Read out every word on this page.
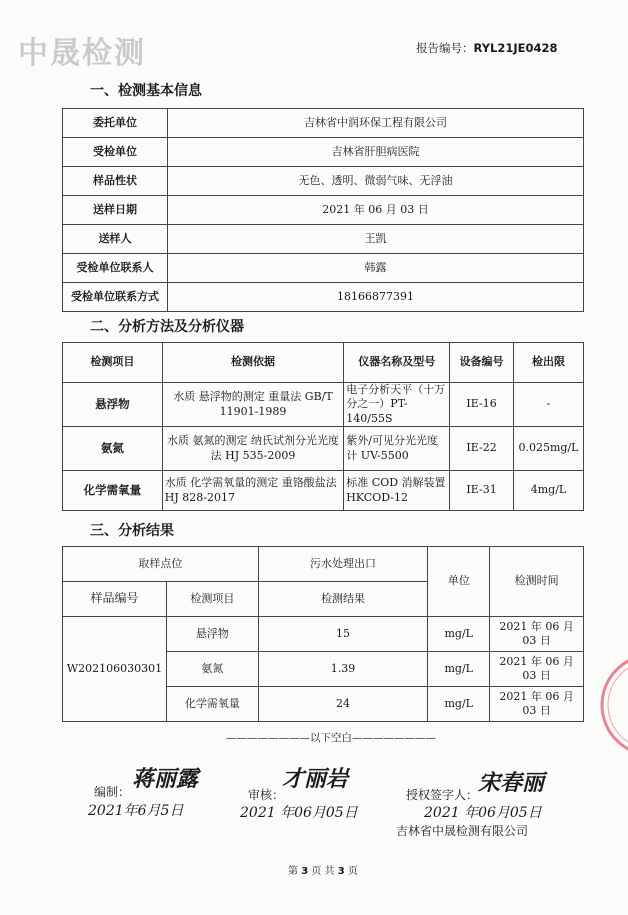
中晟检测	报告编号：RYL21JE0428
一、检测基本信息
委托单位	吉林省中润环保工程有限公司
受检单位	吉林省肝胆病医院
样品性状	无色、透明、微弱气味、无浮油
送样日期	2021 年 06 月 03 日
送样人	王凯
受检单位联系人	韩露
受检单位联系方式	18166877391
二、分析方法及分析仪器
检测项目	检测依据	仪器名称及型号	设备编号	检出限
悬浮物	水质 悬浮物的测定 重量法 GB/T 11901-1989	电子分析天平（十万分之一）PT-140/55S	IE-16	-
氨氮	水质 氨氮的测定 纳氏试剂分光光度法 HJ 535-2009	紫外/可见分光光度计 UV-5500	IE-22	0.025mg/L
化学需氧量	水质 化学需氧量的测定 重铬酸盐法 HJ 828-2017	标准 COD 消解装置 HKCOD-12	IE-31	4mg/L
三、分析结果
取样点位		污水处理出口	单位	检测时间
样品编号	检测项目	检测结果		
W202106030301	悬浮物	15	mg/L	2021 年 06 月 03 日
	氨氮	1.39	mg/L	2021 年 06 月 03 日
	化学需氧量	24	mg/L	2021 年 06 月 03 日
————————以下空白————————
编制： 蒋丽露
2021年6月5日
审核：
才丽岩
2021 年06月05日
授权签字人： 宋春丽
2021 年06月05日
吉林省中晟检测有限公司
第 3 页 共 3 页
